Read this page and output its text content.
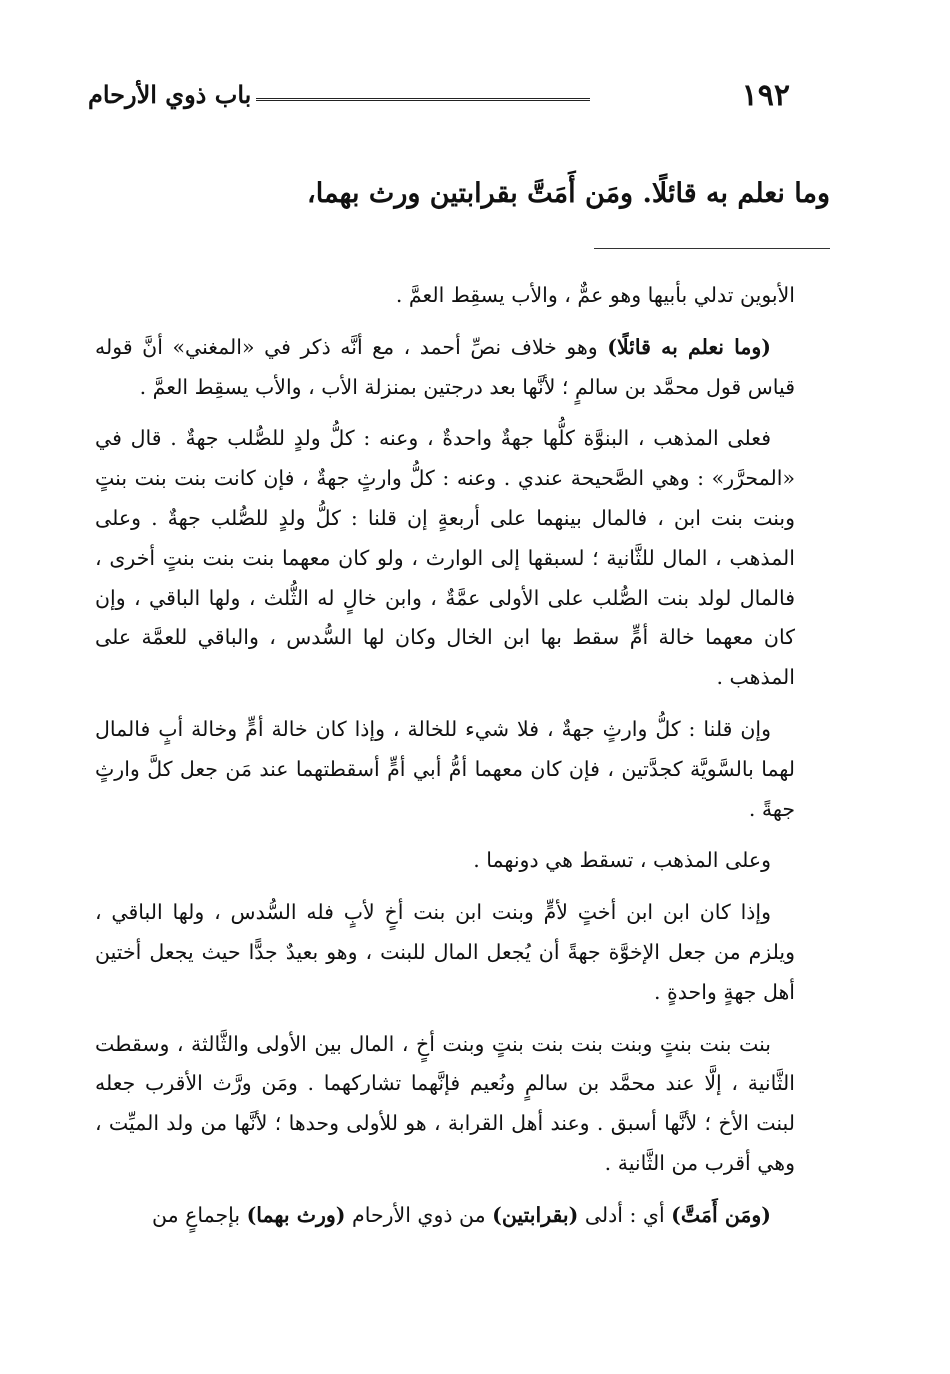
١٩٢
باب ذوي الأرحام
وما نعلم به قائلًا. ومَن أَمَتَّ بقرابتين ورث بهما،

الأبوين تدلي بأبيها وهو عمٌّ ، والأب يسقِط العمَّ .

(وما نعلم به قائلًا) وهو خلاف نصِّ أحمد ، مع أنَّه ذكر في «المغني» أنَّ قوله قياس قول محمَّد بن سالمٍ ؛ لأنَّها بعد درجتين بمنزلة الأب ، والأب يسقِط العمَّ .

فعلى المذهب ، البنوَّة كلُّها جهةٌ واحدةٌ ، وعنه : كلُّ ولدٍ للصُّلب جهةٌ . قال في «المحرَّر» : وهي الصَّحيحة عندي . وعنه : كلُّ وارثٍ جهةٌ ، فإن كانت بنت بنت بنتٍ وبنت بنت ابن ، فالمال بينهما على أربعةٍ إن قلنا : كلُّ ولدٍ للصُّلب جهةٌ . وعلى المذهب ، المال للثَّانية ؛ لسبقها إلى الوارث ، ولو كان معهما بنت بنت بنتٍ أخرى ، فالمال لولد بنت الصُّلب على الأولى عمَّةٌ ، وابن خالٍ له الثُّلث ، ولها الباقي ، وإن كان معهما خالة أمٍّ سقط بها ابن الخال وكان لها السُّدس ، والباقي للعمَّة على المذهب .

وإن قلنا : كلُّ وارثٍ جهةٌ ، فلا شيء للخالة ، وإذا كان خالة أمٍّ وخالة أبٍ فالمال لهما بالسَّويَّة كجدَّتين ، فإن كان معهما أمُّ أبي أمٍّ أسقطتهما عند مَن جعل كلَّ وارثٍ جهةً .

وعلى المذهب ، تسقط هي دونهما .

وإذا كان ابن ابن أختٍ لأمٍّ وبنت ابن بنت أخٍ لأبٍ فله السُّدس ، ولها الباقي ، ويلزم من جعل الإخوَّة جهةً أن يُجعل المال للبنت ، وهو بعيدٌ جدًّا حيث يجعل أختين أهل جهةٍ واحدةٍ .

بنت بنت بنتٍ وبنت بنت بنت بنتٍ وبنت أخٍ ، المال بين الأولى والثَّالثة ، وسقطت الثَّانية ، إلَّا عند محمَّد بن سالمٍ ونُعيم فإنَّهما تشاركهما . ومَن ورَّث الأقرب جعله لبنت الأخ ؛ لأنَّها أسبق . وعند أهل القرابة ، هو للأولى وحدها ؛ لأنَّها من ولد الميِّت ، وهي أقرب من الثَّانية .

(ومَن أَمَتَّ) أي : أدلى (بقرابتين) من ذوي الأرحام (ورث بهما) بإجماعٍ من
